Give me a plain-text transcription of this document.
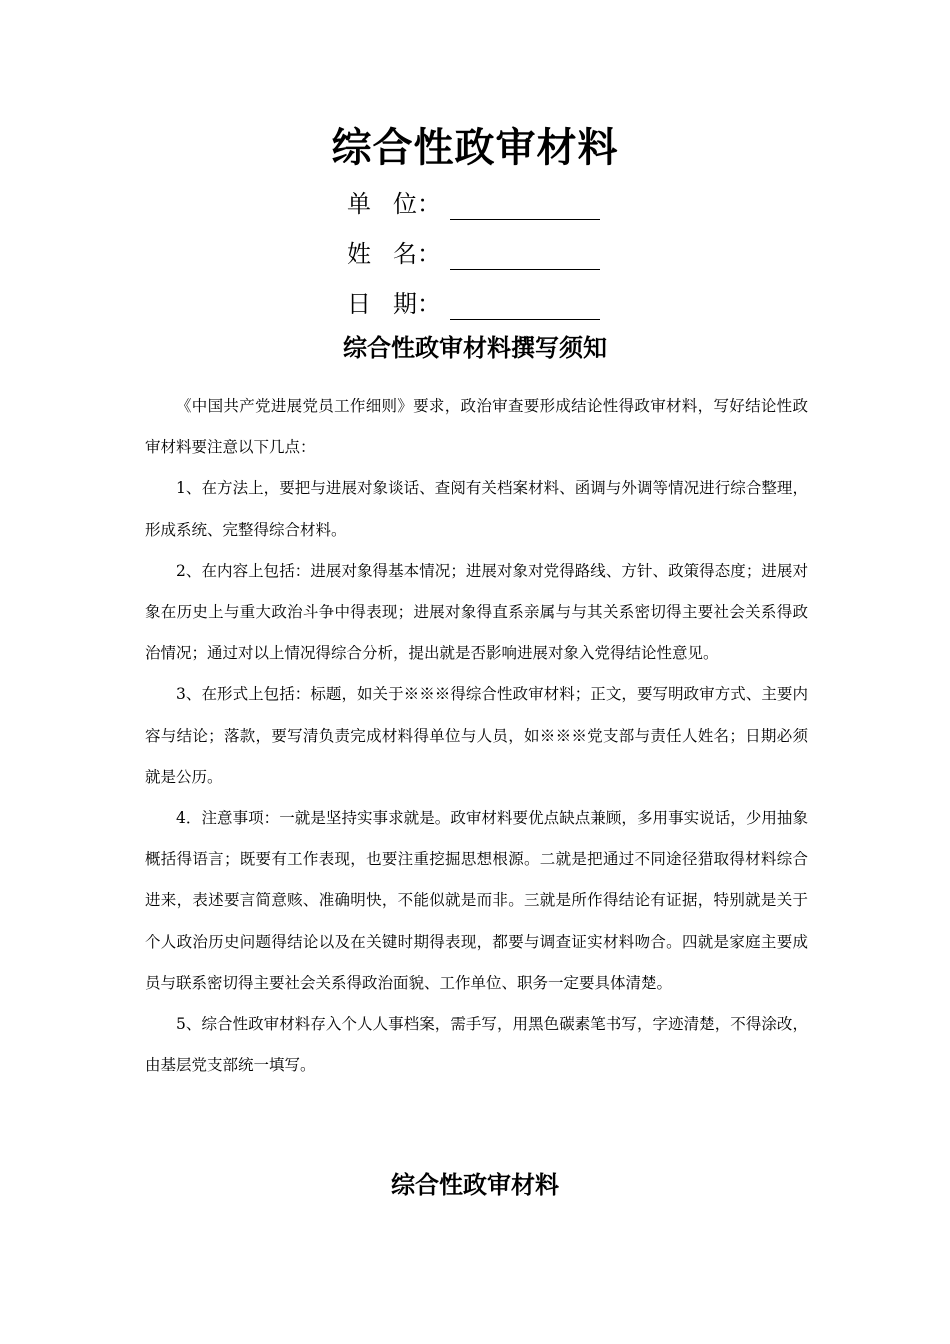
综合性政审材料
单 位 ：
姓 名 ：
日 期 ：
综合性政审材料撰写须知

《中国共产党进展党员工作细则》要求，政治审查要形成结论性得政审材料，写好结论性政审材料要注意以下几点：

1、在方法上，要把与进展对象谈话、查阅有关档案材料、函调与外调等情况进行综合整理，形成系统、完整得综合材料。

2、在内容上包括：进展对象得基本情况；进展对象对党得路线、方针、政策得态度；进展对象在历史上与重大政治斗争中得表现；进展对象得直系亲属与与其关系密切得主要社会关系得政治情况；通过对以上情况得综合分析，提出就是否影响进展对象入党得结论性意见。

3、在形式上包括：标题，如关于※※※得综合性政审材料；正文，要写明政审方式、主要内容与结论；落款，要写清负责完成材料得单位与人员，如※※※党支部与责任人姓名；日期必须就是公历。

4．注意事项：一就是坚持实事求就是。政审材料要优点缺点兼顾，多用事实说话，少用抽象概括得语言；既要有工作表现，也要注重挖掘思想根源。二就是把通过不同途径猎取得材料综合进来，表述要言简意赅、准确明快，不能似就是而非。三就是所作得结论有证据，特别就是关于个人政治历史问题得结论以及在关键时期得表现，都要与调查证实材料吻合。四就是家庭主要成员与联系密切得主要社会关系得政治面貌、工作单位、职务一定要具体清楚。

5、综合性政审材料存入个人人事档案，需手写，用黑色碳素笔书写，字迹清楚，不得涂改，由基层党支部统一填写。

综合性政审材料
